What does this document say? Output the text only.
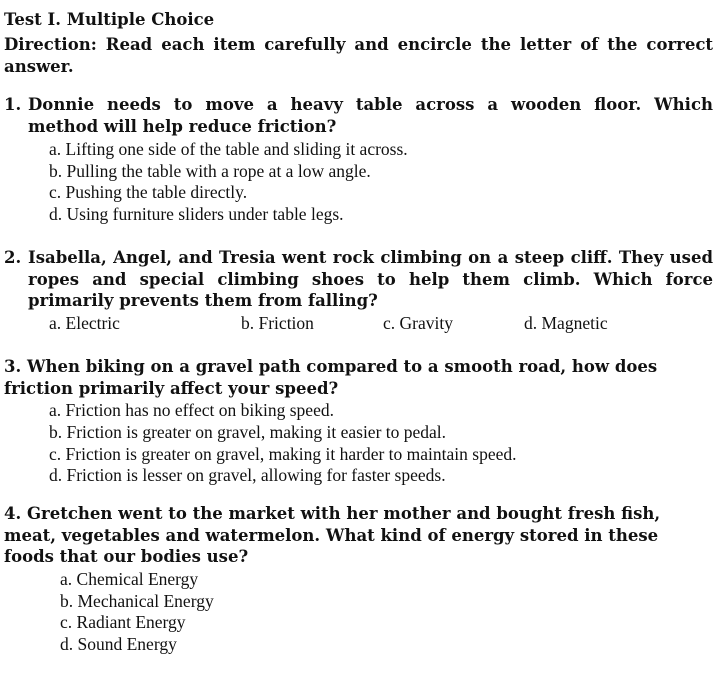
Test I. Multiple Choice
Direction: Read each item carefully and encircle the letter of the correct
answer.
1. Donnie needs to move a heavy table across a wooden floor. Which
method will help reduce friction?
a. Lifting one side of the table and sliding it across.
b. Pulling the table with a rope at a low angle.
c. Pushing the table directly.
d. Using furniture sliders under table legs.
2. Isabella, Angel, and Tresia went rock climbing on a steep cliff. They used
ropes and special climbing shoes to help them climb. Which force
primarily prevents them from falling?
a. Electric	b. Friction	c. Gravity	d. Magnetic
3. When biking on a gravel path compared to a smooth road, how does
friction primarily affect your speed?
a. Friction has no effect on biking speed.
b. Friction is greater on gravel, making it easier to pedal.
c. Friction is greater on gravel, making it harder to maintain speed.
d. Friction is lesser on gravel, allowing for faster speeds.
4. Gretchen went to the market with her mother and bought fresh fish,
meat, vegetables and watermelon. What kind of energy stored in these
foods that our bodies use?
a. Chemical Energy
b. Mechanical Energy
c. Radiant Energy
d. Sound Energy
